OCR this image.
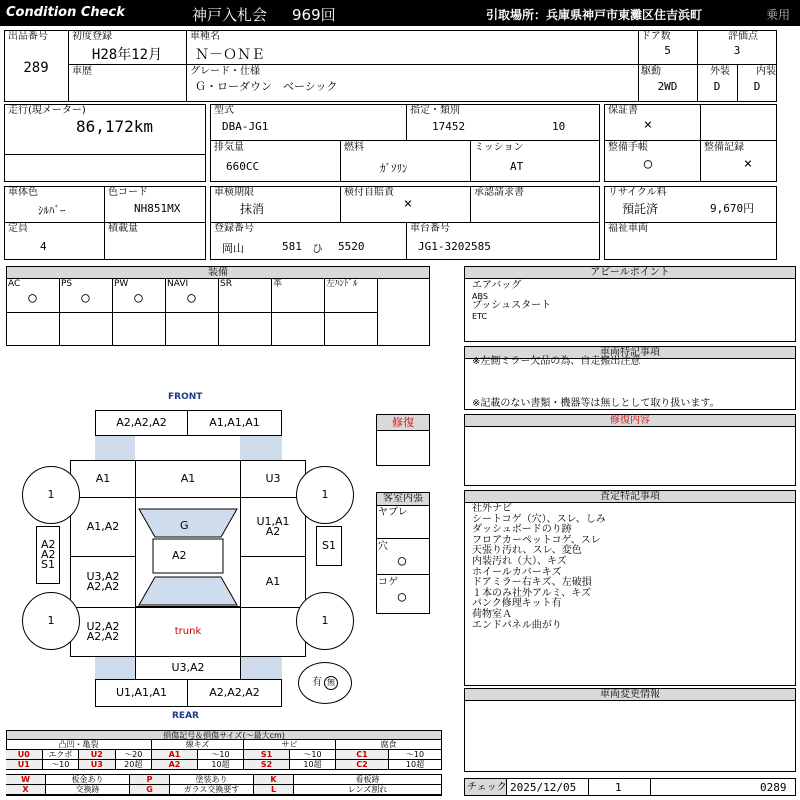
Condition Check	神戸入札会 969回	引取場所：兵庫県神戸市東灘区住吉浜町	乗用
出品番号
289
初度登録
H28年12月
車種名
Ｎ－ＯＮＥ
ドア数
5
評価点
3
車歴	グレード・仕様
Ｇ・ローダウン　ベーシック
駆動
2WD
外装
D
内装
D
走行(現メーター)
86,172km
型式
DBA-JG1
指定・類別
17452	10
排気量
660CC
燃料
ｶﾞｿﾘﾝ
ミッション
AT
保証書
×
整備手帳
○
整備記録
×
車体色
ｼﾙﾊﾞｰ
色コード
NH851MX
定員
4
積載量
車検期限
抹消
検付自賠責
×
承認請求書
登録番号
岡山	581 ひ 5520
車台番号
JG1-3202585
リサイクル料
預託済	9,670円
福祉車両
装備
AC
○
PS
○
PW
○
NAVI
○
SR	革	左ﾊﾝﾄﾞﾙ
FRONT
REAR
A2,A2,A2	A1,A1,A1
A1	A1	U3
A1,A2	U1,A1 A2
G
A2
U3,A2 A2,A2	A1
U2,A2 A2,A2	trunk
U3,A2
U1,A1,A1	A2,A2,A2
A2 A2 S1
S1
1	1
1	1
有 無
修復
客室内張
ヤブレ
穴
○
コゲ
○
アピールポイント
エアバッグ
ABS
プッシュスタート
ETC
車両特記事項
※左側ミラー欠品の為、自走搬出注意
※記載のない書類・機器等は無しとして取り扱います。
修復内容
査定特記事項
社外ナビ
シートコゲ（穴）、スレ、しみ
ダッシュボードのり跡
フロアカーペットコゲ、スレ
天張り汚れ、スレ、変色
内装汚れ（大）、キズ
ホイールカバーキズ
ドアミラー右キズ、左破損
１本のみ社外アルミ、キズ
パンク修理キット有
荷物室Ａ
エンドパネル曲がり
車両変更情報
損傷記号＆損傷サイズ(～最大cm)
凸凹・亀裂
U0	エクボ	U2	～20
U1	～10	U3	20超
線キズ
A1	～10
A2	10超
サビ
S1	～10
S2	10超
腐食
C1	～10
C2	10超
W	板金あり	P	塗装あり	K	看板跡
X	交換跡	G	ガラス交換要す	L	レンズ割れ	チェック 2025/12/05	1	0289
